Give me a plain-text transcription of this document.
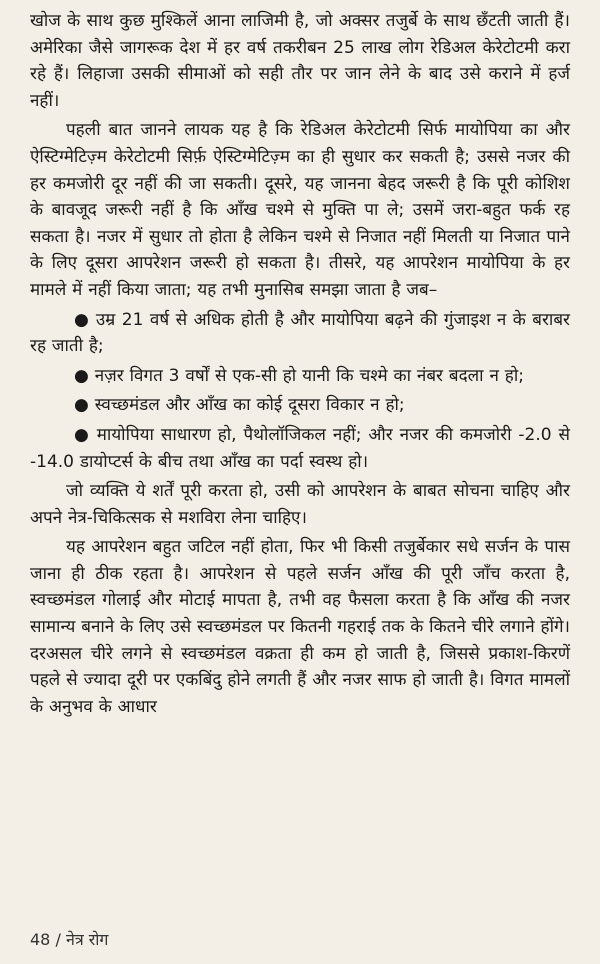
खोज के साथ कुछ मुश्किलें आना लाजिमी है, जो अक्सर तजुर्बे के साथ छँटती जाती हैं। अमेरिका जैसे जागरूक देश में हर वर्ष तकरीबन 25 लाख लोग रेडिअल केरेटोटमी करा रहे हैं। लिहाजा उसकी सीमाओं को सही तौर पर जान लेने के बाद उसे कराने में हर्ज नहीं।

पहली बात जानने लायक यह है कि रेडिअल केरेटोटमी सिर्फ मायोपिया का और ऐस्टिग्मेटिज़्म केरेटोटमी सिर्फ़ ऐस्टिग्मेटिज़्म का ही सुधार कर सकती है; उससे नजर की हर कमजोरी दूर नहीं की जा सकती। दूसरे, यह जानना बेहद जरूरी है कि पूरी कोशिश के बावजूद जरूरी नहीं है कि आँख चश्मे से मुक्ति पा ले; उसमें जरा-बहुत फर्क रह सकता है। नजर में सुधार तो होता है लेकिन चश्मे से निजात नहीं मिलती या निजात पाने के लिए दूसरा आपरेशन जरूरी हो सकता है। तीसरे, यह आपरेशन मायोपिया के हर मामले में नहीं किया जाता; यह तभी मुनासिब समझा जाता है जब–

● उम्र 21 वर्ष से अधिक होती है और मायोपिया बढ़ने की गुंजाइश न के बराबर रह जाती है;

● नज़र विगत 3 वर्षों से एक-सी हो यानी कि चश्मे का नंबर बदला न हो;

● स्वच्छमंडल और आँख का कोई दूसरा विकार न हो;

● मायोपिया साधारण हो, पैथोलॉजिकल नहीं; और नजर की कमजोरी -2.0 से -14.0 डायोप्टर्स के बीच तथा आँख का पर्दा स्वस्थ हो।

जो व्यक्ति ये शर्तें पूरी करता हो, उसी को आपरेशन के बाबत सोचना चाहिए और अपने नेत्र-चिकित्सक से मशविरा लेना चाहिए।

यह आपरेशन बहुत जटिल नहीं होता, फिर भी किसी तजुर्बेकार सधे सर्जन के पास जाना ही ठीक रहता है। आपरेशन से पहले सर्जन आँख की पूरी जाँच करता है, स्वच्छमंडल गोलाई और मोटाई मापता है, तभी वह फैसला करता है कि आँख की नजर सामान्य बनाने के लिए उसे स्वच्छमंडल पर कितनी गहराई तक के कितने चीरे लगाने होंगे। दरअसल चीरे लगने से स्वच्छमंडल वक्रता ही कम हो जाती है, जिससे प्रकाश-किरणें पहले से ज्यादा दूरी पर एकबिंदु होने लगती हैं और नजर साफ हो जाती है। विगत मामलों के अनुभव के आधार

48 / नेत्र रोग
